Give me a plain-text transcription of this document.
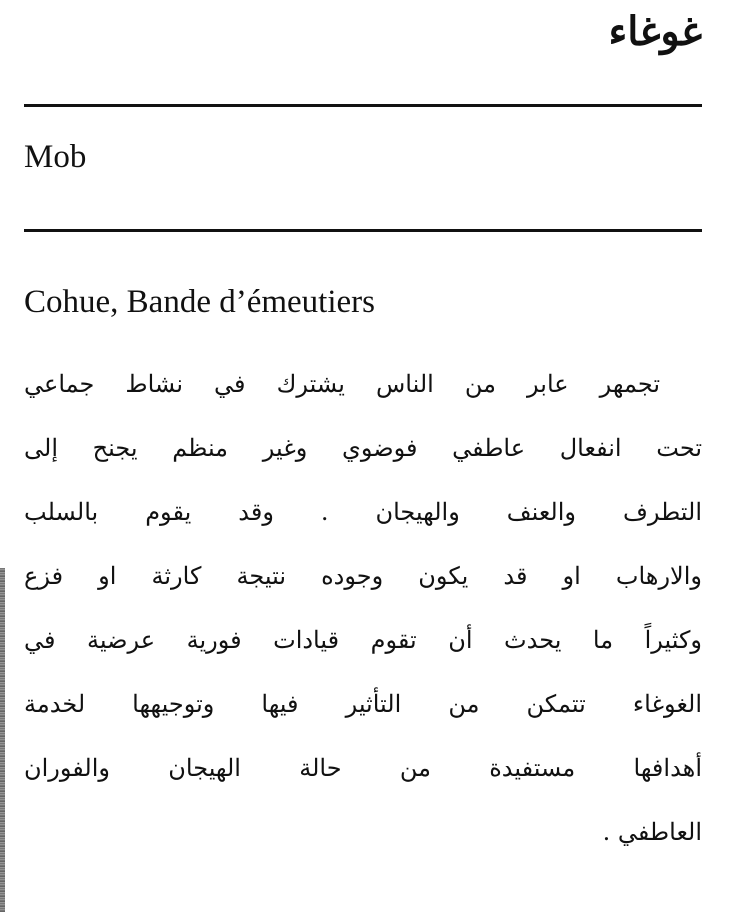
غوغاء
Mob
Cohue, Bande d’émeutiers
تجمهر عابر من الناس يشترك في نشاط جماعي
تحت انفعال عاطفي فوضوي وغير منظم يجنح إلى
التطرف والعنف والهيجان . وقد يقوم بالسلب
والارهاب او قد يكون وجوده نتيجة كارثة او فزع
وكثيراً ما يحدث أن تقوم قيادات فورية عرضية في
الغوغاء تتمكن من التأثير فيها وتوجيهها لخدمة
أهدافها مستفيدة من حالة الهيجان والفوران
العاطفي .
